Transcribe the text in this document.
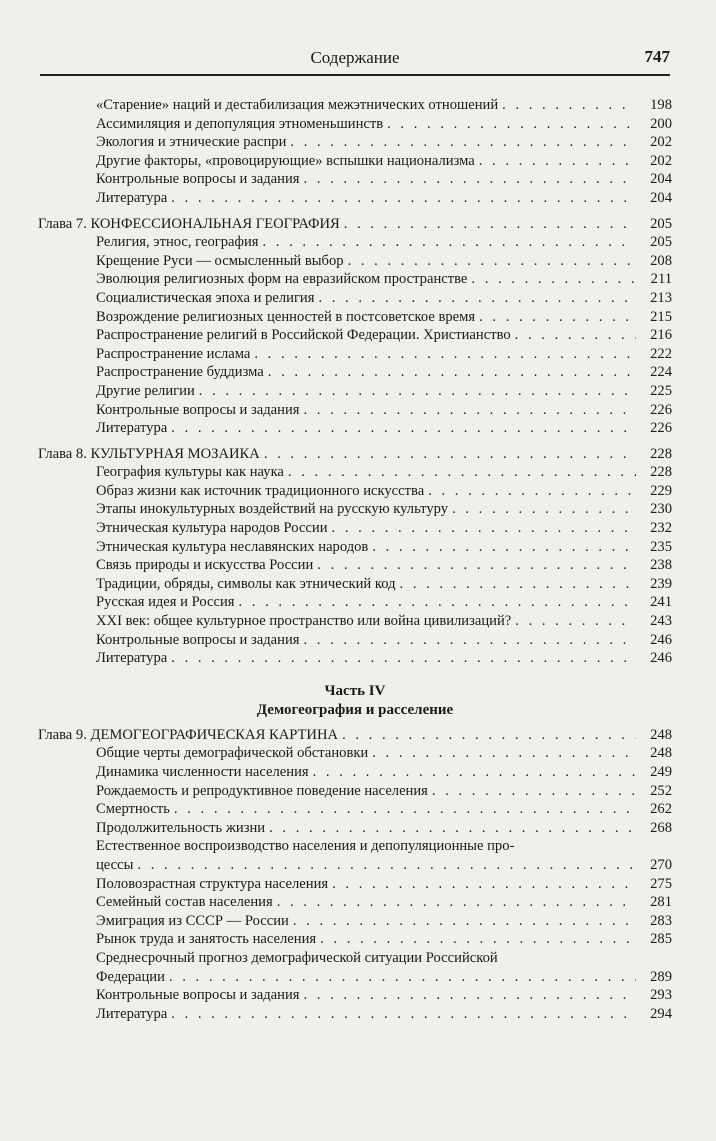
Содержание	747
«Старение» наций и дестабилизация межэтнических отношений . . .	198
Ассимиляция и депопуляция этноменьшинств . . .	200
Экология и этнические распри . . .	202
Другие факторы, «провоцирующие» вспышки национализма . . .	202
Контрольные вопросы и задания . . .	204
Литература . . .	204
Глава 7. КОНФЕССИОНАЛЬНАЯ ГЕОГРАФИЯ . . .	205
Религия, этнос, география . . .	205
Крещение Руси — осмысленный выбор . . .	208
Эволюция религиозных форм на евразийском пространстве . . .	211
Социалистическая эпоха и религия . . .	213
Возрождение религиозных ценностей в постсоветское время . . .	215
Распространение религий в Российской Федерации. Христианство . . .	216
Распространение ислама . . .	222
Распространение буддизма . . .	224
Другие религии . . .	225
Контрольные вопросы и задания . . .	226
Литература . . .	226
Глава 8. КУЛЬТУРНАЯ МОЗАИКА . . .	228
География культуры как наука . . .	228
Образ жизни как источник традиционного искусства . . .	229
Этапы инокультурных воздействий на русскую культуру . . .	230
Этническая культура народов России . . .	232
Этническая культура неславянских народов . . .	235
Связь природы и искусства России . . .	238
Традиции, обряды, символы как этнический код . . .	239
Русская идея и Россия . . .	241
XXI век: общее культурное пространство или война цивилизаций? . . .	243
Контрольные вопросы и задания . . .	246
Литература . . .	246
Часть IV
Демогеография и расселение
Глава 9. ДЕМОГЕОГРАФИЧЕСКАЯ КАРТИНА . . .	248
Общие черты демографической обстановки . . .	248
Динамика численности населения . . .	249
Рождаемость и репродуктивное поведение населения . . .	252
Смертность . . .	262
Продолжительность жизни . . .	268
Естественное воспроизводство населения и депопуляционные про-
цессы . . .	270
Половозрастная структура населения . . .	275
Семейный состав населения . . .	281
Эмиграция из СССР — России . . .	283
Рынок труда и занятость населения . . .	285
Среднесрочный прогноз демографической ситуации Российской
Федерации . . .	289
Контрольные вопросы и задания . . .	293
Литература . . .	294
